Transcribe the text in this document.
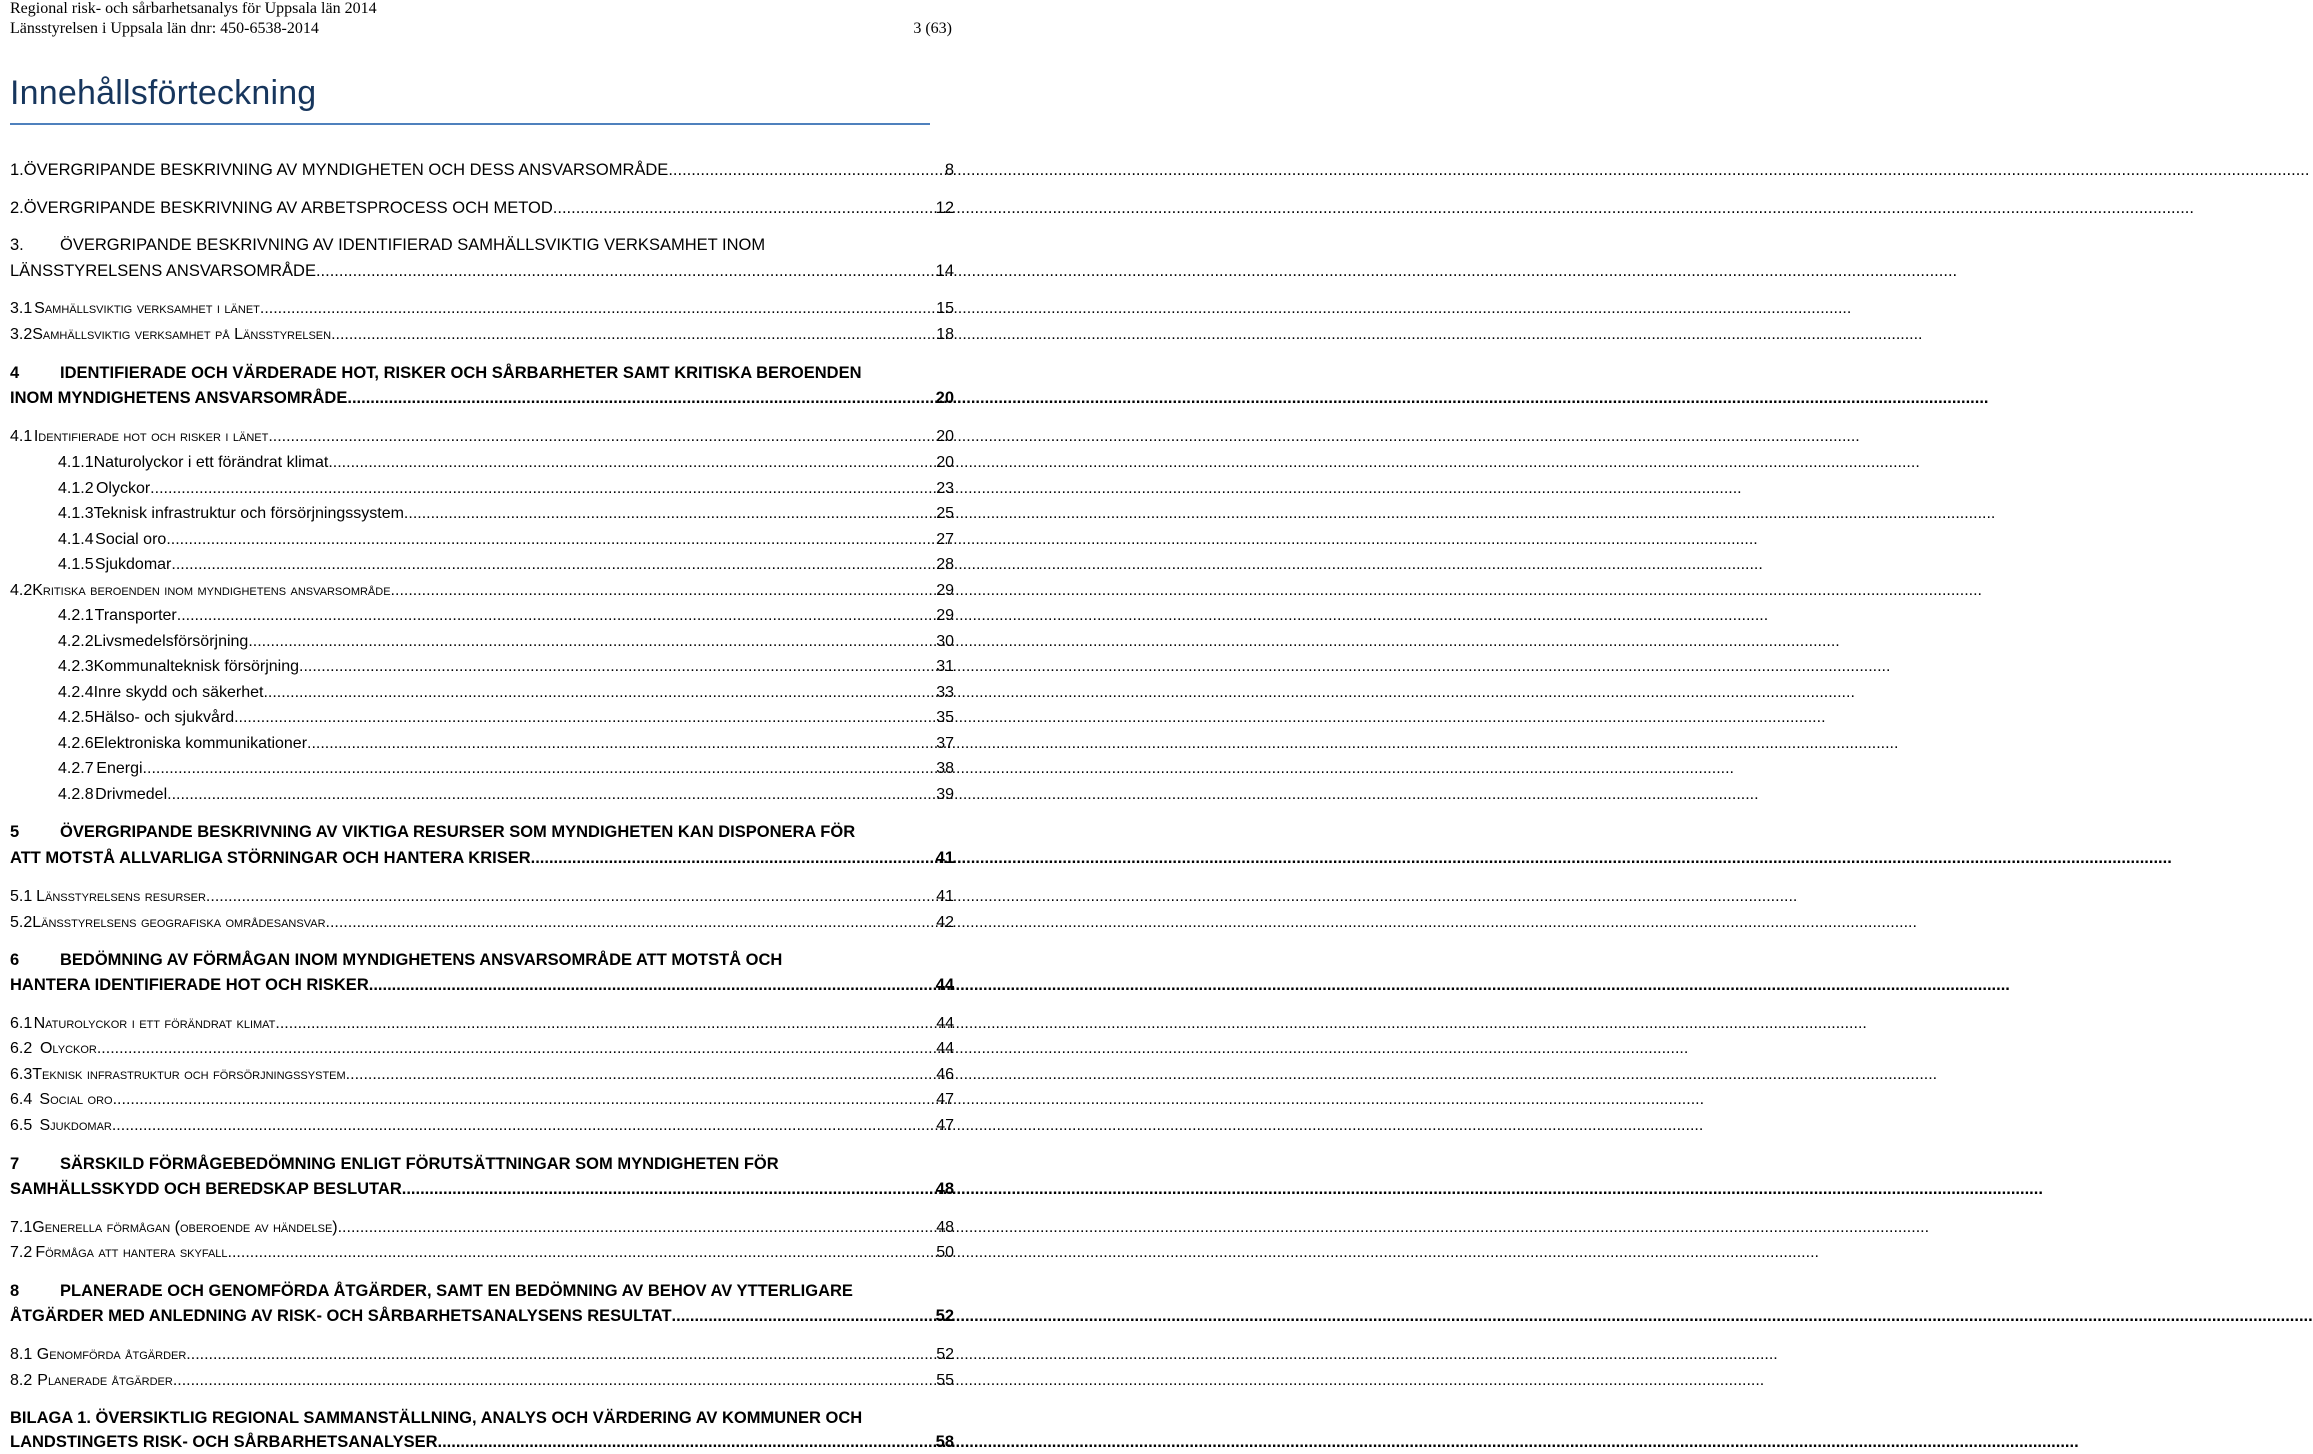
Regional risk- och sårbarhetsanalys för Uppsala län 2014
Länsstyrelsen i Uppsala län dnr: 450-6538-2014	3 (63)
Innehållsförteckning
1. ÖVERGRIPANDE BESKRIVNING AV MYNDIGHETEN OCH DESS ANSVARSOMRÅDE .....	8
2. ÖVERGRIPANDE BESKRIVNING AV ARBETSPROCESS OCH METOD .....	12
3. ÖVERGRIPANDE BESKRIVNING AV IDENTIFIERAD SAMHÄLLSVIKTIG VERKSAMHET INOM
LÄNSSTYRELSENS ANSVARSOMRÅDE .....	14
3.1 Samhällsviktig verksamhet i länet .....	15
3.2 Samhällsviktig verksamhet på Länsstyrelsen .....	18
4 IDENTIFIERADE OCH VÄRDERADE HOT, RISKER OCH SÅRBARHETER SAMT KRITISKA BEROENDEN
INOM MYNDIGHETENS ANSVARSOMRÅDE .....	20
4.1 Identifierade hot och risker i länet .....	20
4.1.1 Naturolyckor i ett förändrat klimat .....	20
4.1.2 Olyckor .....	23
4.1.3 Teknisk infrastruktur och försörjningssystem .....	25
4.1.4 Social oro .....	27
4.1.5 Sjukdomar .....	28
4.2 Kritiska beroenden inom myndighetens ansvarsområde .....	29
4.2.1 Transporter .....	29
4.2.2 Livsmedelsförsörjning .....	30
4.2.3 Kommunalteknisk försörjning .....	31
4.2.4 Inre skydd och säkerhet .....	33
4.2.5 Hälso- och sjukvård .....	35
4.2.6 Elektroniska kommunikationer .....	37
4.2.7 Energi .....	38
4.2.8 Drivmedel .....	39
5 ÖVERGRIPANDE BESKRIVNING AV VIKTIGA RESURSER SOM MYNDIGHETEN KAN DISPONERA FÖR
ATT MOTSTÅ ALLVARLIGA STÖRNINGAR OCH HANTERA KRISER .....	41
5.1 Länsstyrelsens resurser .....	41
5.2 Länsstyrelsens geografiska områdesansvar .....	42
6 BEDÖMNING AV FÖRMÅGAN INOM MYNDIGHETENS ANSVARSOMRÅDE ATT MOTSTÅ OCH
HANTERA IDENTIFIERADE HOT OCH RISKER .....	44
6.1 Naturolyckor i ett förändrat klimat .....	44
6.2 Olyckor .....	44
6.3 Teknisk infrastruktur och försörjningssystem .....	46
6.4 Social oro .....	47
6.5 Sjukdomar .....	47
7 SÄRSKILD FÖRMÅGEBEDÖMNING ENLIGT FÖRUTSÄTTNINGAR SOM MYNDIGHETEN FÖR
SAMHÄLLSSKYDD OCH BEREDSKAP BESLUTAR .....	48
7.1 Generella förmågan (oberoende av händelse) .....	48
7.2 Förmåga att hantera skyfall .....	50
8 PLANERADE OCH GENOMFÖRDA ÅTGÄRDER, SAMT EN BEDÖMNING AV BEHOV AV YTTERLIGARE
ÅTGÄRDER MED ANLEDNING AV RISK- OCH SÅRBARHETSANALYSENS RESULTAT .....	52
8.1 Genomförda åtgärder .....	52
8.2 Planerade åtgärder .....	55
BILAGA 1. ÖVERSIKTLIG REGIONAL SAMMANSTÄLLNING, ANALYS OCH VÄRDERING AV KOMMUNER OCH
LANDSTINGETS RISK- OCH SÅRBARHETSANALYSER .....	58
